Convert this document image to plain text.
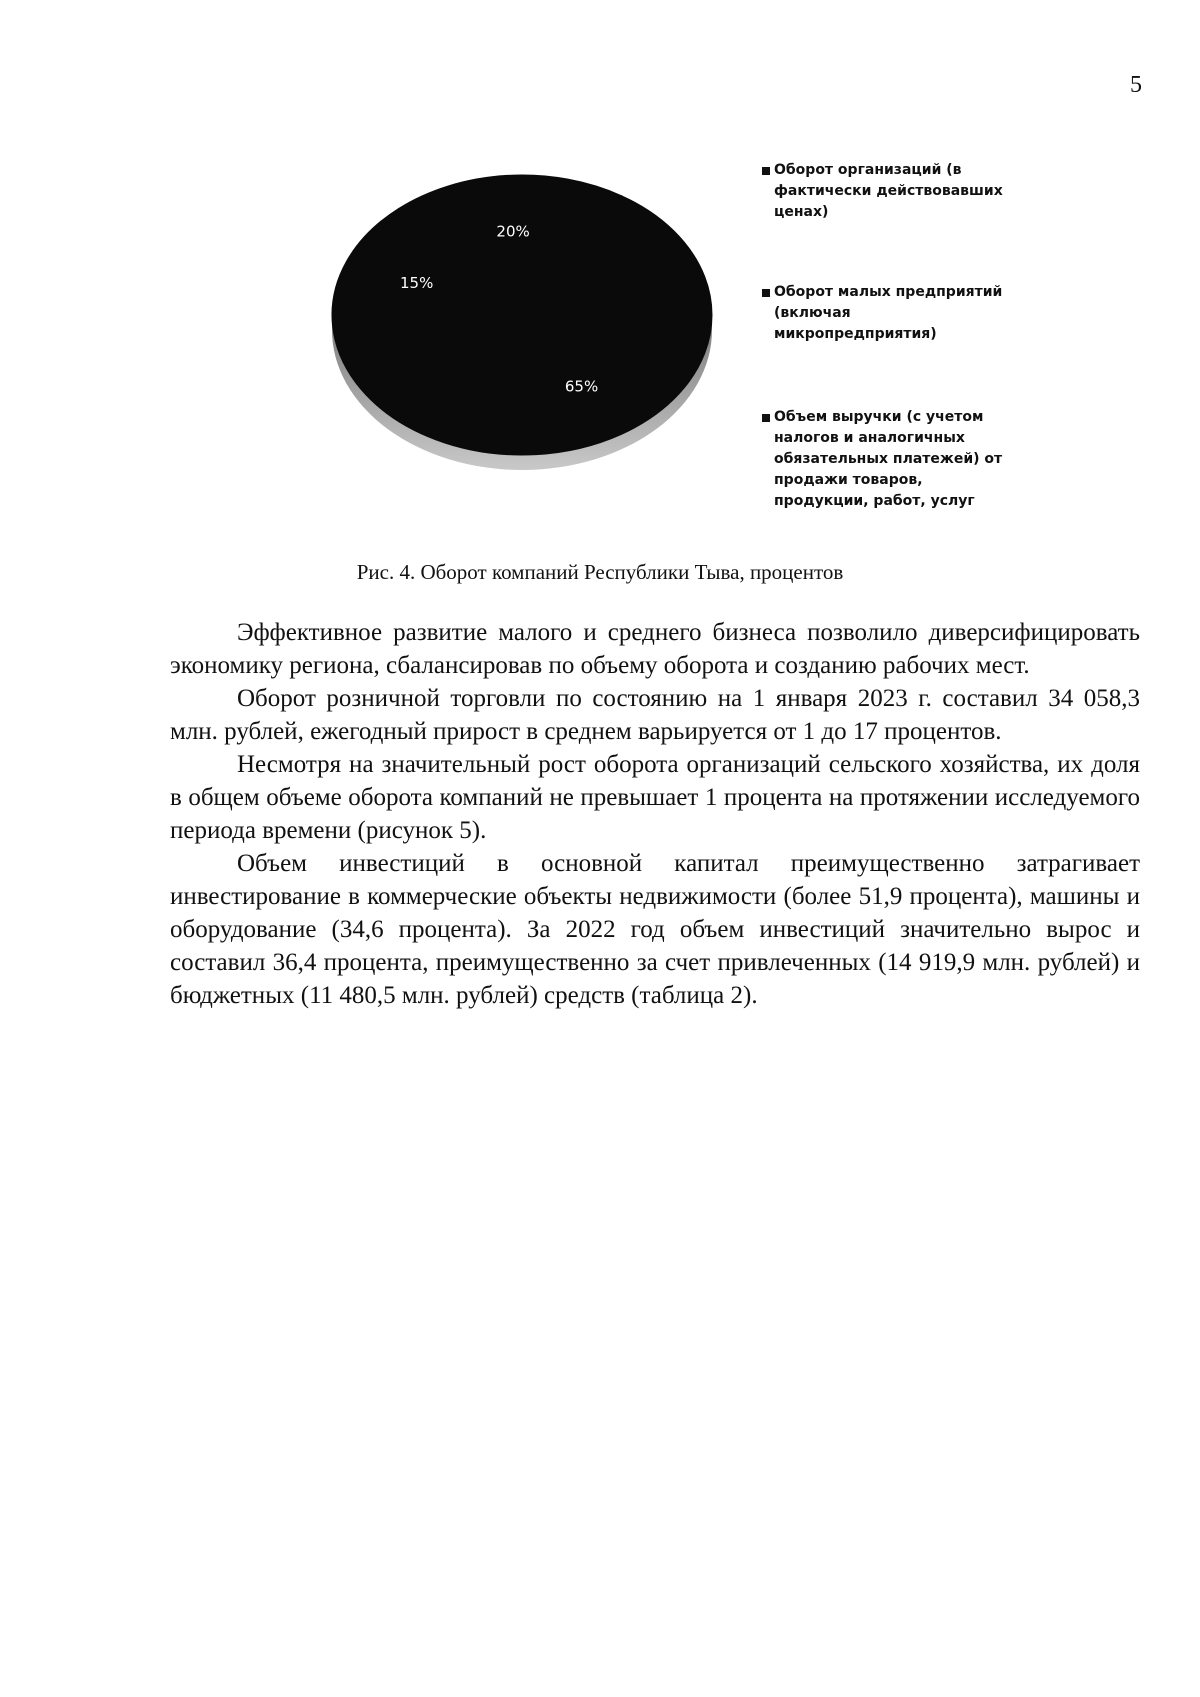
5
65%
15%
20%
Оборот организаций (в фактически действовавших ценах)
Оборот малых предприятий (включая микропредприятия)
Объем выручки (с учетом налогов и аналогичных обязательных платежей) от продажи товаров, продукции, работ, услуг
Рис. 4. Оборот компаний Республики Тыва, процентов

Эффективное развитие малого и среднего бизнеса позволило диверсифицировать экономику региона, сбалансировав по объему оборота и созданию рабочих мест.

Оборот розничной торговли по состоянию на 1 января 2023 г. составил 34 058,3 млн. рублей, ежегодный прирост в среднем варьируется от 1 до 17 процентов.

Несмотря на значительный рост оборота организаций сельского хозяйства, их доля в общем объеме оборота компаний не превышает 1 процента на протяжении исследуемого периода времени (рисунок 5).

Объем инвестиций в основной капитал преимущественно затрагивает инвестирование в коммерческие объекты недвижимости (более 51,9 процента), машины и оборудование (34,6 процента). За 2022 год объем инвестиций значительно вырос и составил 36,4 процента, преимущественно за счет привлеченных (14 919,9 млн. рублей) и бюджетных (11 480,5 млн. рублей) средств (таблица 2).
